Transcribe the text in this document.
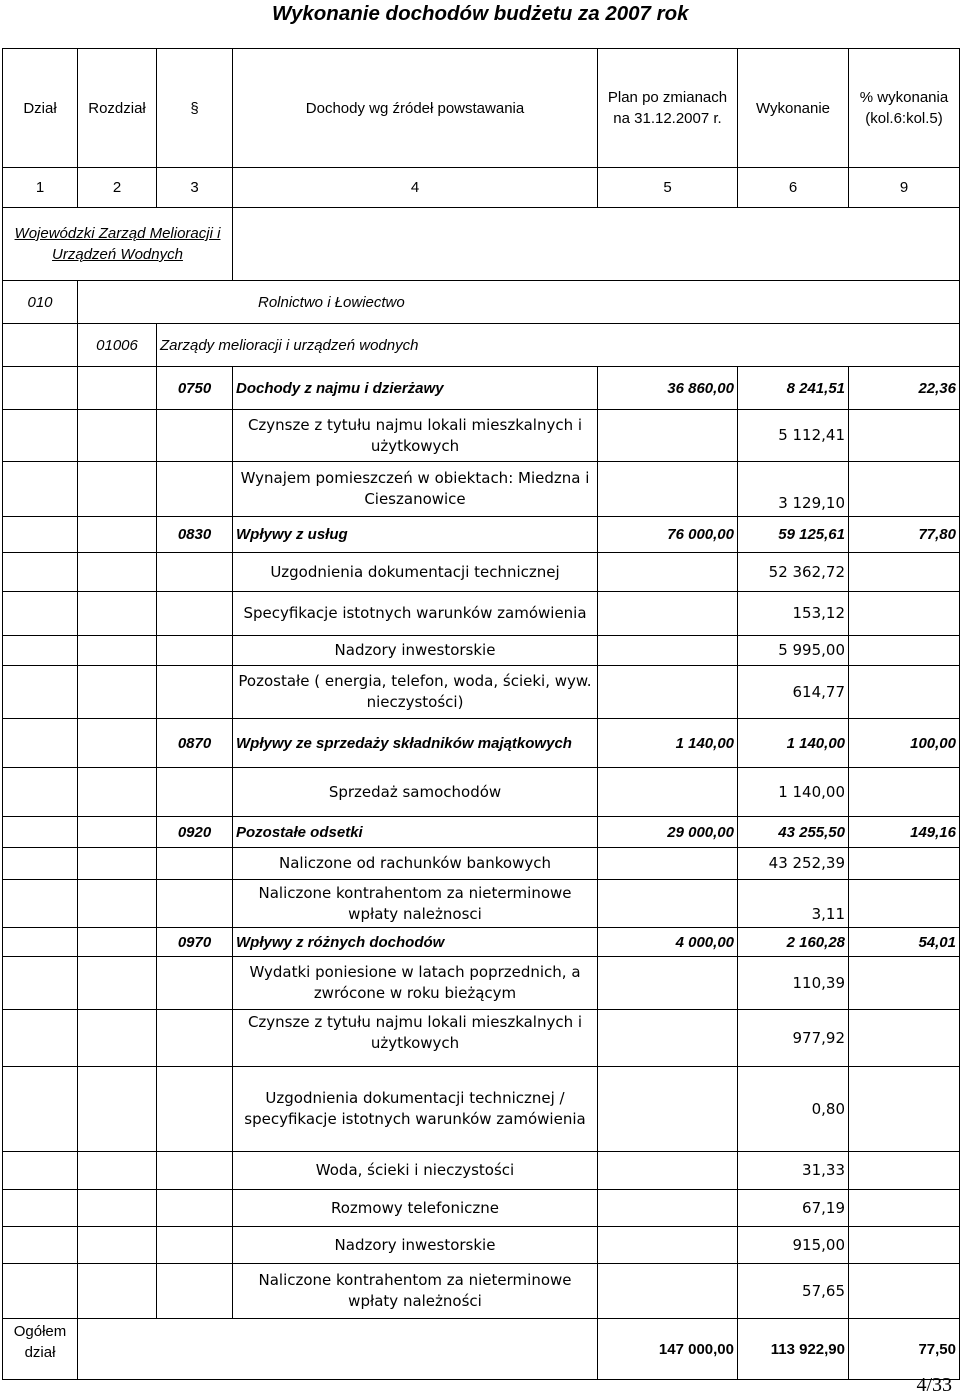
Wykonanie dochodów budżetu za 2007 rok
Dział	Rozdział	§	Dochody wg źródeł powstawania	Plan po zmianach na 31.12.2007 r.	Wykonanie	% wykonania (kol.6:kol.5)
1	2	3	4	5	6	9
Wojewódzki Zarząd Melioracji i Urządzeń Wodnych						
010	Rolnictwo i Łowiectwo					
	01006	Zarządy melioracji i urządzeń wodnych				
		0750	Dochody z najmu i dzierżawy	36 860,00	8 241,51	22,36
			Czynsze z tytułu najmu lokali mieszkalnych i użytkowych		5 112,41	
			Wynajem pomieszczeń w obiektach: Miedzna i Cieszanowice		3 129,10	
		0830	Wpływy z usług	76 000,00	59 125,61	77,80
			Uzgodnienia dokumentacji technicznej		52 362,72	
			Specyfikacje istotnych warunków zamówienia		153,12	
			Nadzory inwestorskie		5 995,00	
			Pozostałe ( energia, telefon, woda, ścieki, wyw. nieczystości)		614,77	
		0870	Wpływy ze sprzedaży składników majątkowych	1 140,00	1 140,00	100,00
			Sprzedaż samochodów		1 140,00	
		0920	Pozostałe odsetki	29 000,00	43 255,50	149,16
			Naliczone od rachunków bankowych		43 252,39	
			Naliczone kontrahentom za nieterminowe wpłaty należnosci		3,11	
		0970	Wpływy z różnych dochodów	4 000,00	2 160,28	54,01
			Wydatki poniesione w latach poprzednich, a zwrócone w roku bieżącym		110,39	
			Czynsze z tytułu najmu lokali mieszkalnych i użytkowych		977,92	
			Uzgodnienia dokumentacji technicznej / specyfikacje istotnych warunków zamówienia		0,80	
			Woda, ścieki i nieczystości		31,33	
			Rozmowy telefoniczne		67,19	
			Nadzory inwestorskie		915,00	
			Naliczone kontrahentom za nieterminowe wpłaty należności		57,65	
Ogółem dział				147 000,00	113 922,90	77,50
4/33
